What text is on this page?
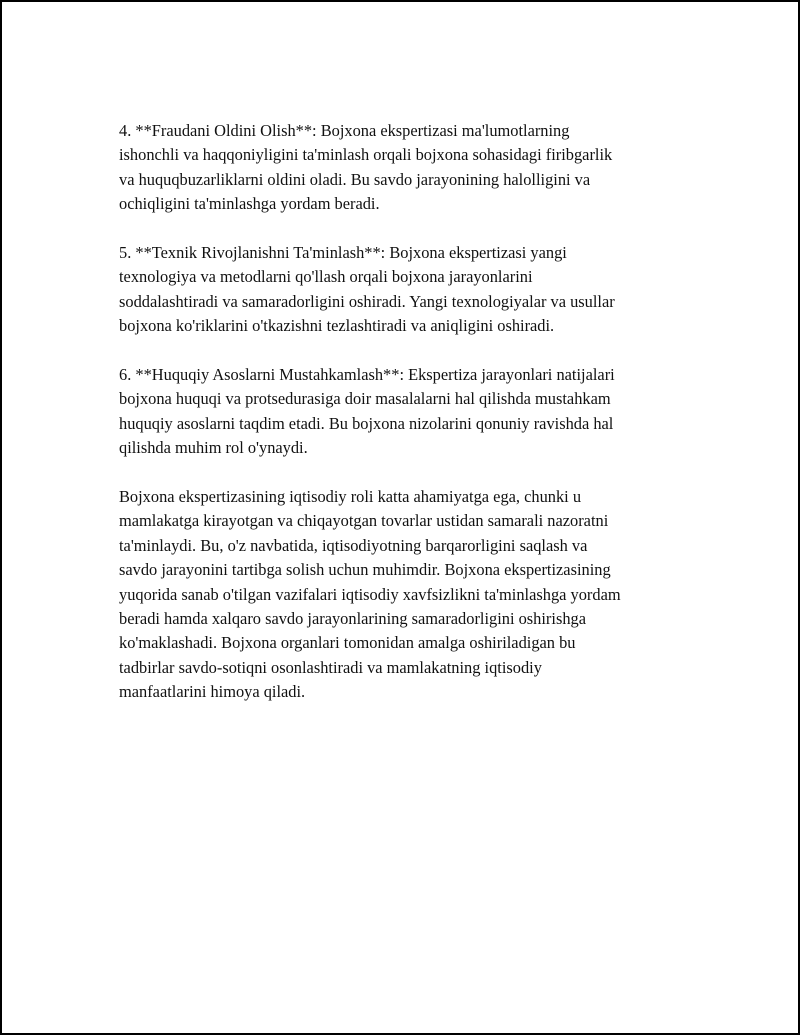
4. **Fraudani Oldini Olish**: Bojxona ekspertizasi ma'lumotlarning
ishonchli va haqqoniyligini ta'minlash orqali bojxona sohasidagi firibgarlik
va huquqbuzarliklarni oldini oladi. Bu savdo jarayonining halolligini va
ochiqligini ta'minlashga yordam beradi.

5. **Texnik Rivojlanishni Ta'minlash**: Bojxona ekspertizasi yangi
texnologiya va metodlarni qo'llash orqali bojxona jarayonlarini
soddalashtiradi va samaradorligini oshiradi. Yangi texnologiyalar va usullar
bojxona ko'riklarini o'tkazishni tezlashtiradi va aniqligini oshiradi.

6. **Huquqiy Asoslarni Mustahkamlash**: Ekspertiza jarayonlari natijalari
bojxona huquqi va protsedurasiga doir masalalarni hal qilishda mustahkam
huquqiy asoslarni taqdim etadi. Bu bojxona nizolarini qonuniy ravishda hal
qilishda muhim rol o'ynaydi.

Bojxona ekspertizasining iqtisodiy roli katta ahamiyatga ega, chunki u
mamlakatga kirayotgan va chiqayotgan tovarlar ustidan samarali nazoratni
ta'minlaydi. Bu, o'z navbatida, iqtisodiyotning barqarorligini saqlash va
savdo jarayonini tartibga solish uchun muhimdir. Bojxona ekspertizasining
yuqorida sanab o'tilgan vazifalari iqtisodiy xavfsizlikni ta'minlashga yordam
beradi hamda xalqaro savdo jarayonlarining samaradorligini oshirishga
ko'maklashadi. Bojxona organlari tomonidan amalga oshiriladigan bu
tadbirlar savdo-sotiqni osonlashtiradi va mamlakatning iqtisodiy
manfaatlarini himoya qiladi.
